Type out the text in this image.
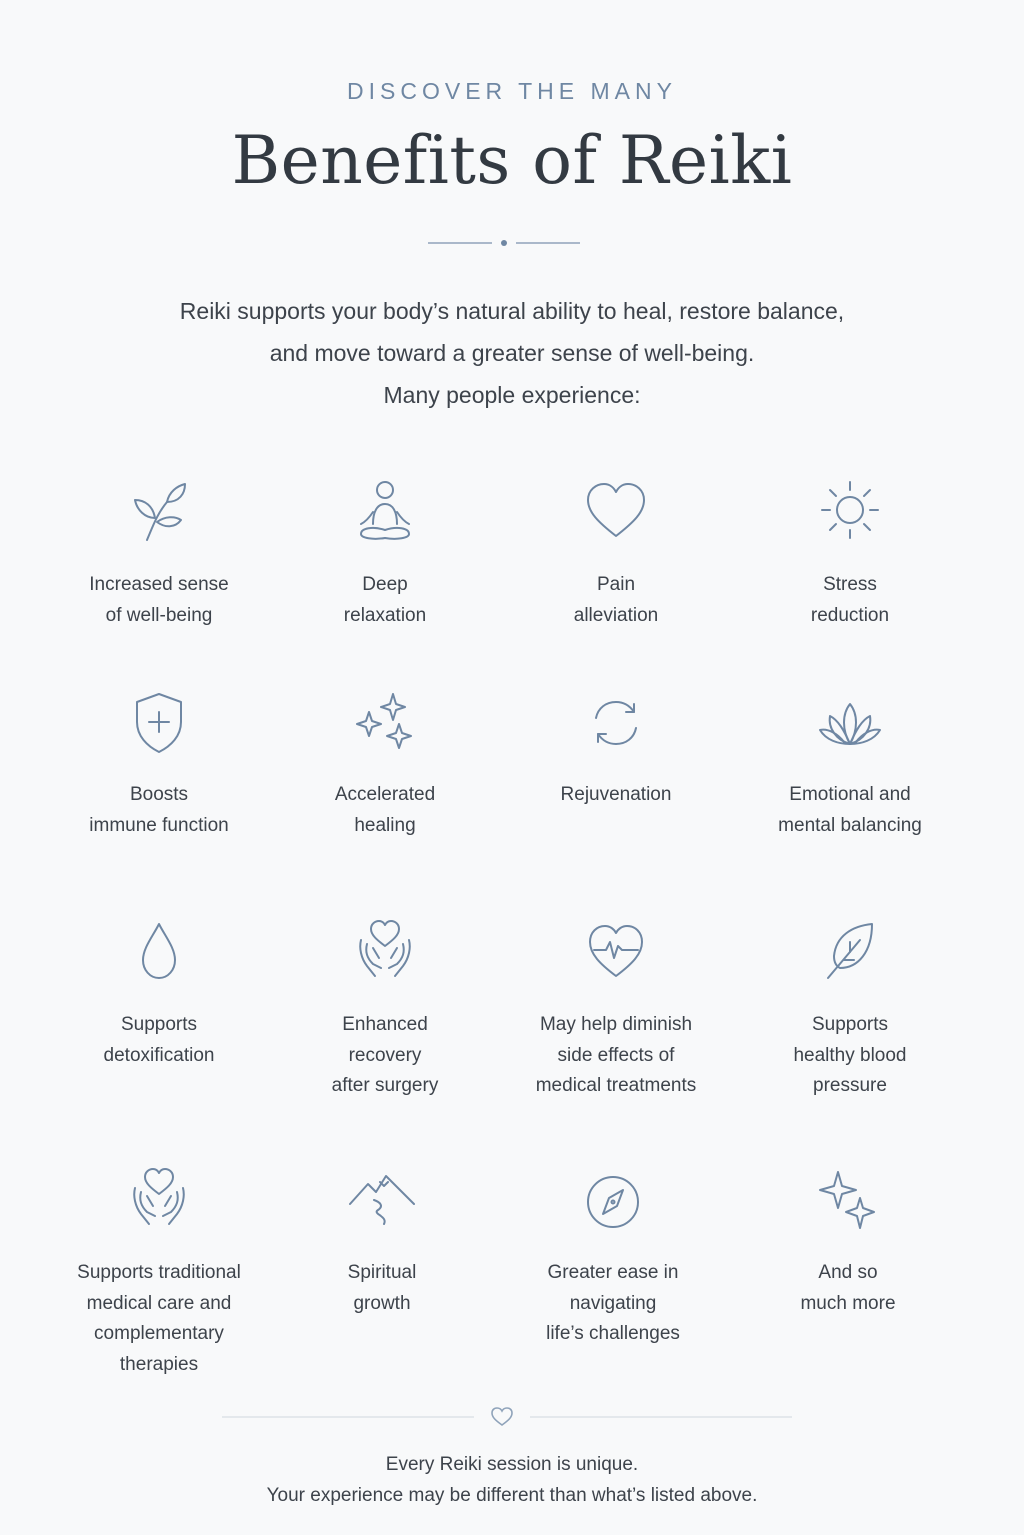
DISCOVER THE MANY
Benefits of Reiki
Reiki supports your body’s natural ability to heal, restore balance,
and move toward a greater sense of well-being.
Many people experience:
Increased sense
of well-being
Deep
relaxation
Pain
alleviation
Stress
reduction
Boosts
immune function
Accelerated
healing
Rejuvenation	Emotional and
mental balancing
Supports
detoxification
Enhanced
recovery
after surgery
May help diminish
side effects of
medical treatments
Supports
healthy blood
pressure
Supports traditional
medical care and
complementary
therapies
Spiritual
growth
Greater ease in
navigating
life’s challenges
And so
much more
Every Reiki session is unique.
Your experience may be different than what’s listed above.
